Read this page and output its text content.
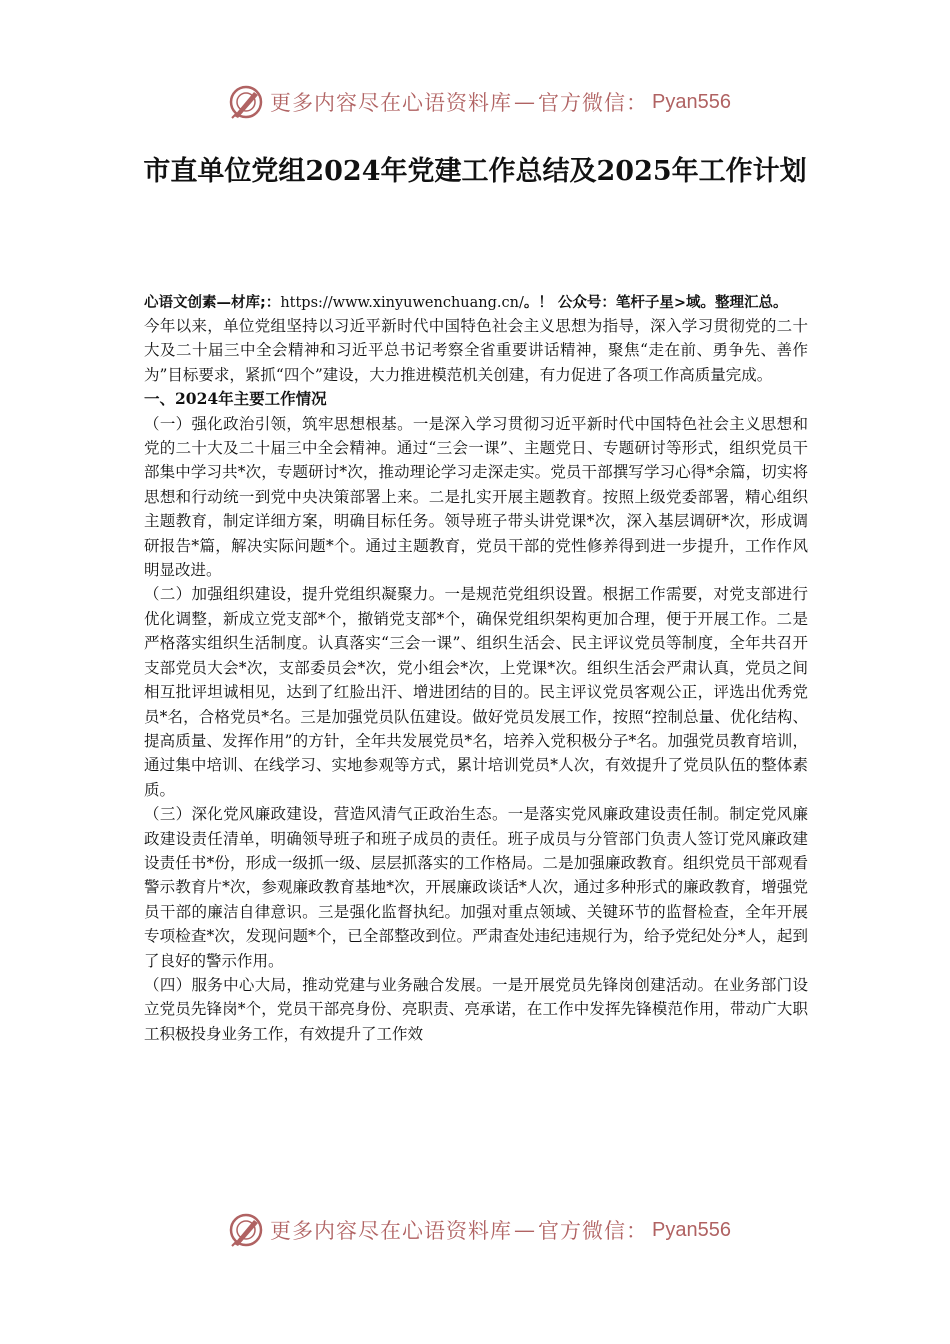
更多内容尽在心语资料库 — 官方微信： Pyan556
市直单位党组2024年党建工作总结及2025年工作计划

心语文创素—材库;：https://www.xinyuwenchuang.cn/。！ 公众号：笔杆子星>域。整理汇总。

今年以来，单位党组坚持以习近平新时代中国特色社会主义思想为指导，深入学习贯彻党的二十大及二十届三中全会精神和习近平总书记考察全省重要讲话精神，聚焦“走在前、勇争先、善作为”目标要求，紧抓“四个”建设，大力推进模范机关创建，有力促进了各项工作高质量完成。

一、2024年主要工作情况

（一）强化政治引领，筑牢思想根基。一是深入学习贯彻习近平新时代中国特色社会主义思想和党的二十大及二十届三中全会精神。通过“三会一课”、主题党日、专题研讨等形式，组织党员干部集中学习共*次，专题研讨*次，推动理论学习走深走实。党员干部撰写学习心得*余篇，切实将思想和行动统一到党中央决策部署上来。二是扎实开展主题教育。按照上级党委部署，精心组织主题教育，制定详细方案，明确目标任务。领导班子带头讲党课*次，深入基层调研*次，形成调研报告*篇，解决实际问题*个。通过主题教育，党员干部的党性修养得到进一步提升，工作作风明显改进。

（二）加强组织建设，提升党组织凝聚力。一是规范党组织设置。根据工作需要，对党支部进行优化调整，新成立党支部*个，撤销党支部*个，确保党组织架构更加合理，便于开展工作。二是严格落实组织生活制度。认真落实“三会一课”、组织生活会、民主评议党员等制度，全年共召开支部党员大会*次，支部委员会*次，党小组会*次，上党课*次。组织生活会严肃认真，党员之间相互批评坦诚相见，达到了红脸出汗、增进团结的目的。民主评议党员客观公正，评选出优秀党员*名，合格党员*名。三是加强党员队伍建设。做好党员发展工作，按照“控制总量、优化结构、提高质量、发挥作用”的方针，全年共发展党员*名，培养入党积极分子*名。加强党员教育培训，通过集中培训、在线学习、实地参观等方式，累计培训党员*人次，有效提升了党员队伍的整体素质。

（三）深化党风廉政建设，营造风清气正政治生态。一是落实党风廉政建设责任制。制定党风廉政建设责任清单，明确领导班子和班子成员的责任。班子成员与分管部门负责人签订党风廉政建设责任书*份，形成一级抓一级、层层抓落实的工作格局。二是加强廉政教育。组织党员干部观看警示教育片*次，参观廉政教育基地*次，开展廉政谈话*人次，通过多种形式的廉政教育，增强党员干部的廉洁自律意识。三是强化监督执纪。加强对重点领域、关键环节的监督检查，全年开展专项检查*次，发现问题*个，已全部整改到位。严肃查处违纪违规行为，给予党纪处分*人，起到了良好的警示作用。

（四）服务中心大局，推动党建与业务融合发展。一是开展党员先锋岗创建活动。在业务部门设立党员先锋岗*个，党员干部亮身份、亮职责、亮承诺，在工作中发挥先锋模范作用，带动广大职工积极投身业务工作，有效提升了工作效

更多内容尽在心语资料库 — 官方微信： Pyan556
